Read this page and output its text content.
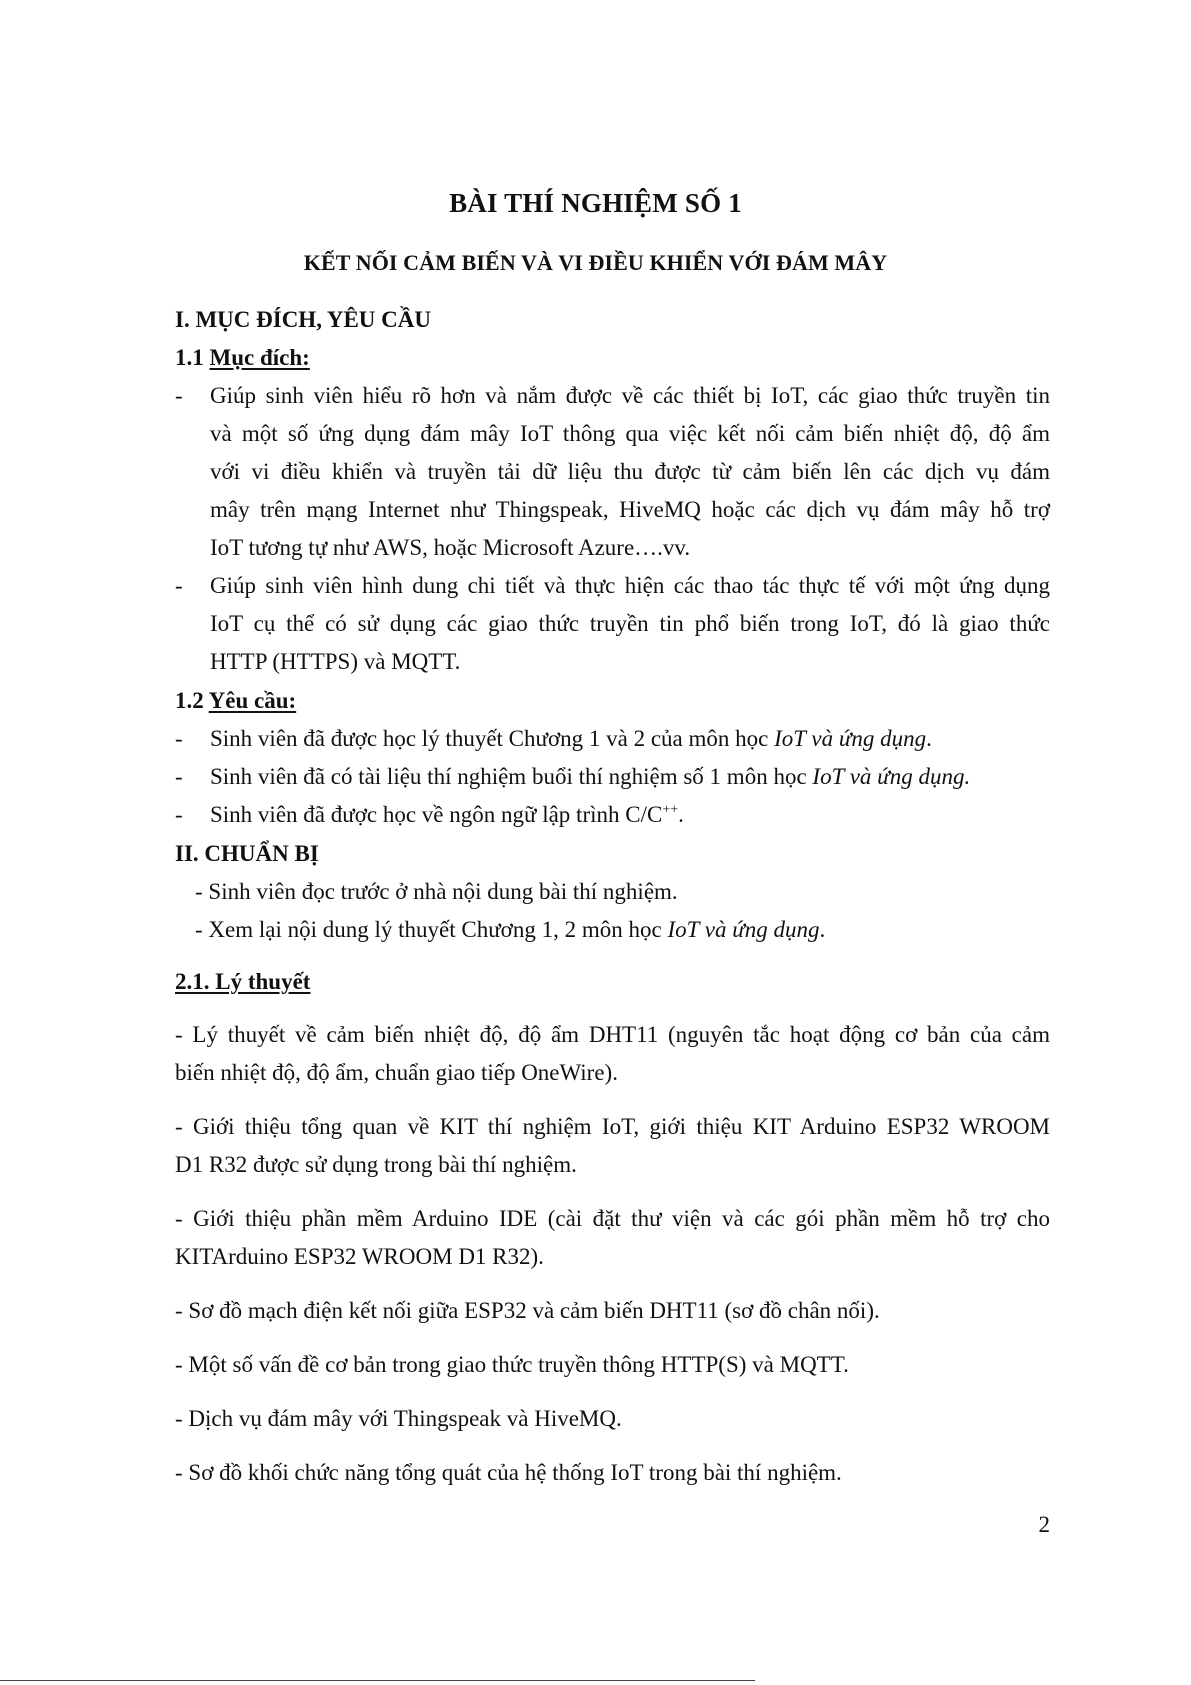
BÀI THÍ NGHIỆM SỐ 1
KẾT NỐI CẢM BIẾN VÀ VI ĐIỀU KHIỂN VỚI ĐÁM MÂY
I. MỤC ĐÍCH, YÊU CẦU
1.1 Mục đích:
- Giúp sinh viên hiểu rõ hơn và nắm được về các thiết bị IoT, các giao thức truyền tin
và một số ứng dụng đám mây IoT thông qua việc kết nối cảm biến nhiệt độ, độ ẩm
với vi điều khiển và truyền tải dữ liệu thu được từ cảm biến lên các dịch vụ đám
mây trên mạng Internet như Thingspeak, HiveMQ hoặc các dịch vụ đám mây hỗ trợ
IoT tương tự như AWS, hoặc Microsoft Azure….vv.
- Giúp sinh viên hình dung chi tiết và thực hiện các thao tác thực tế với một ứng dụng
IoT cụ thể có sử dụng các giao thức truyền tin phổ biến trong IoT, đó là giao thức
HTTP (HTTPS) và MQTT.
1.2 Yêu cầu:
- Sinh viên đã được học lý thuyết Chương 1 và 2 của môn học IoT và ứng dụng.
- Sinh viên đã có tài liệu thí nghiệm buổi thí nghiệm số 1 môn học IoT và ứng dụng.
- Sinh viên đã được học về ngôn ngữ lập trình C/C++.
II. CHUẨN BỊ
- Sinh viên đọc trước ở nhà nội dung bài thí nghiệm.
- Xem lại nội dung lý thuyết Chương 1, 2 môn học IoT và ứng dụng.
2.1. Lý thuyết
- Lý thuyết về cảm biến nhiệt độ, độ ẩm DHT11 (nguyên tắc hoạt động cơ bản của cảm
biến nhiệt độ, độ ẩm, chuẩn giao tiếp OneWire).
- Giới thiệu tổng quan về KIT thí nghiệm IoT, giới thiệu KIT Arduino ESP32 WROOM
D1 R32 được sử dụng trong bài thí nghiệm.
- Giới thiệu phần mềm Arduino IDE (cài đặt thư viện và các gói phần mềm hỗ trợ cho
KITArduino ESP32 WROOM D1 R32).
- Sơ đồ mạch điện kết nối giữa ESP32 và cảm biến DHT11 (sơ đồ chân nối).
- Một số vấn đề cơ bản trong giao thức truyền thông HTTP(S) và MQTT.
- Dịch vụ đám mây với Thingspeak và HiveMQ.
- Sơ đồ khối chức năng tổng quát của hệ thống IoT trong bài thí nghiệm.
2
